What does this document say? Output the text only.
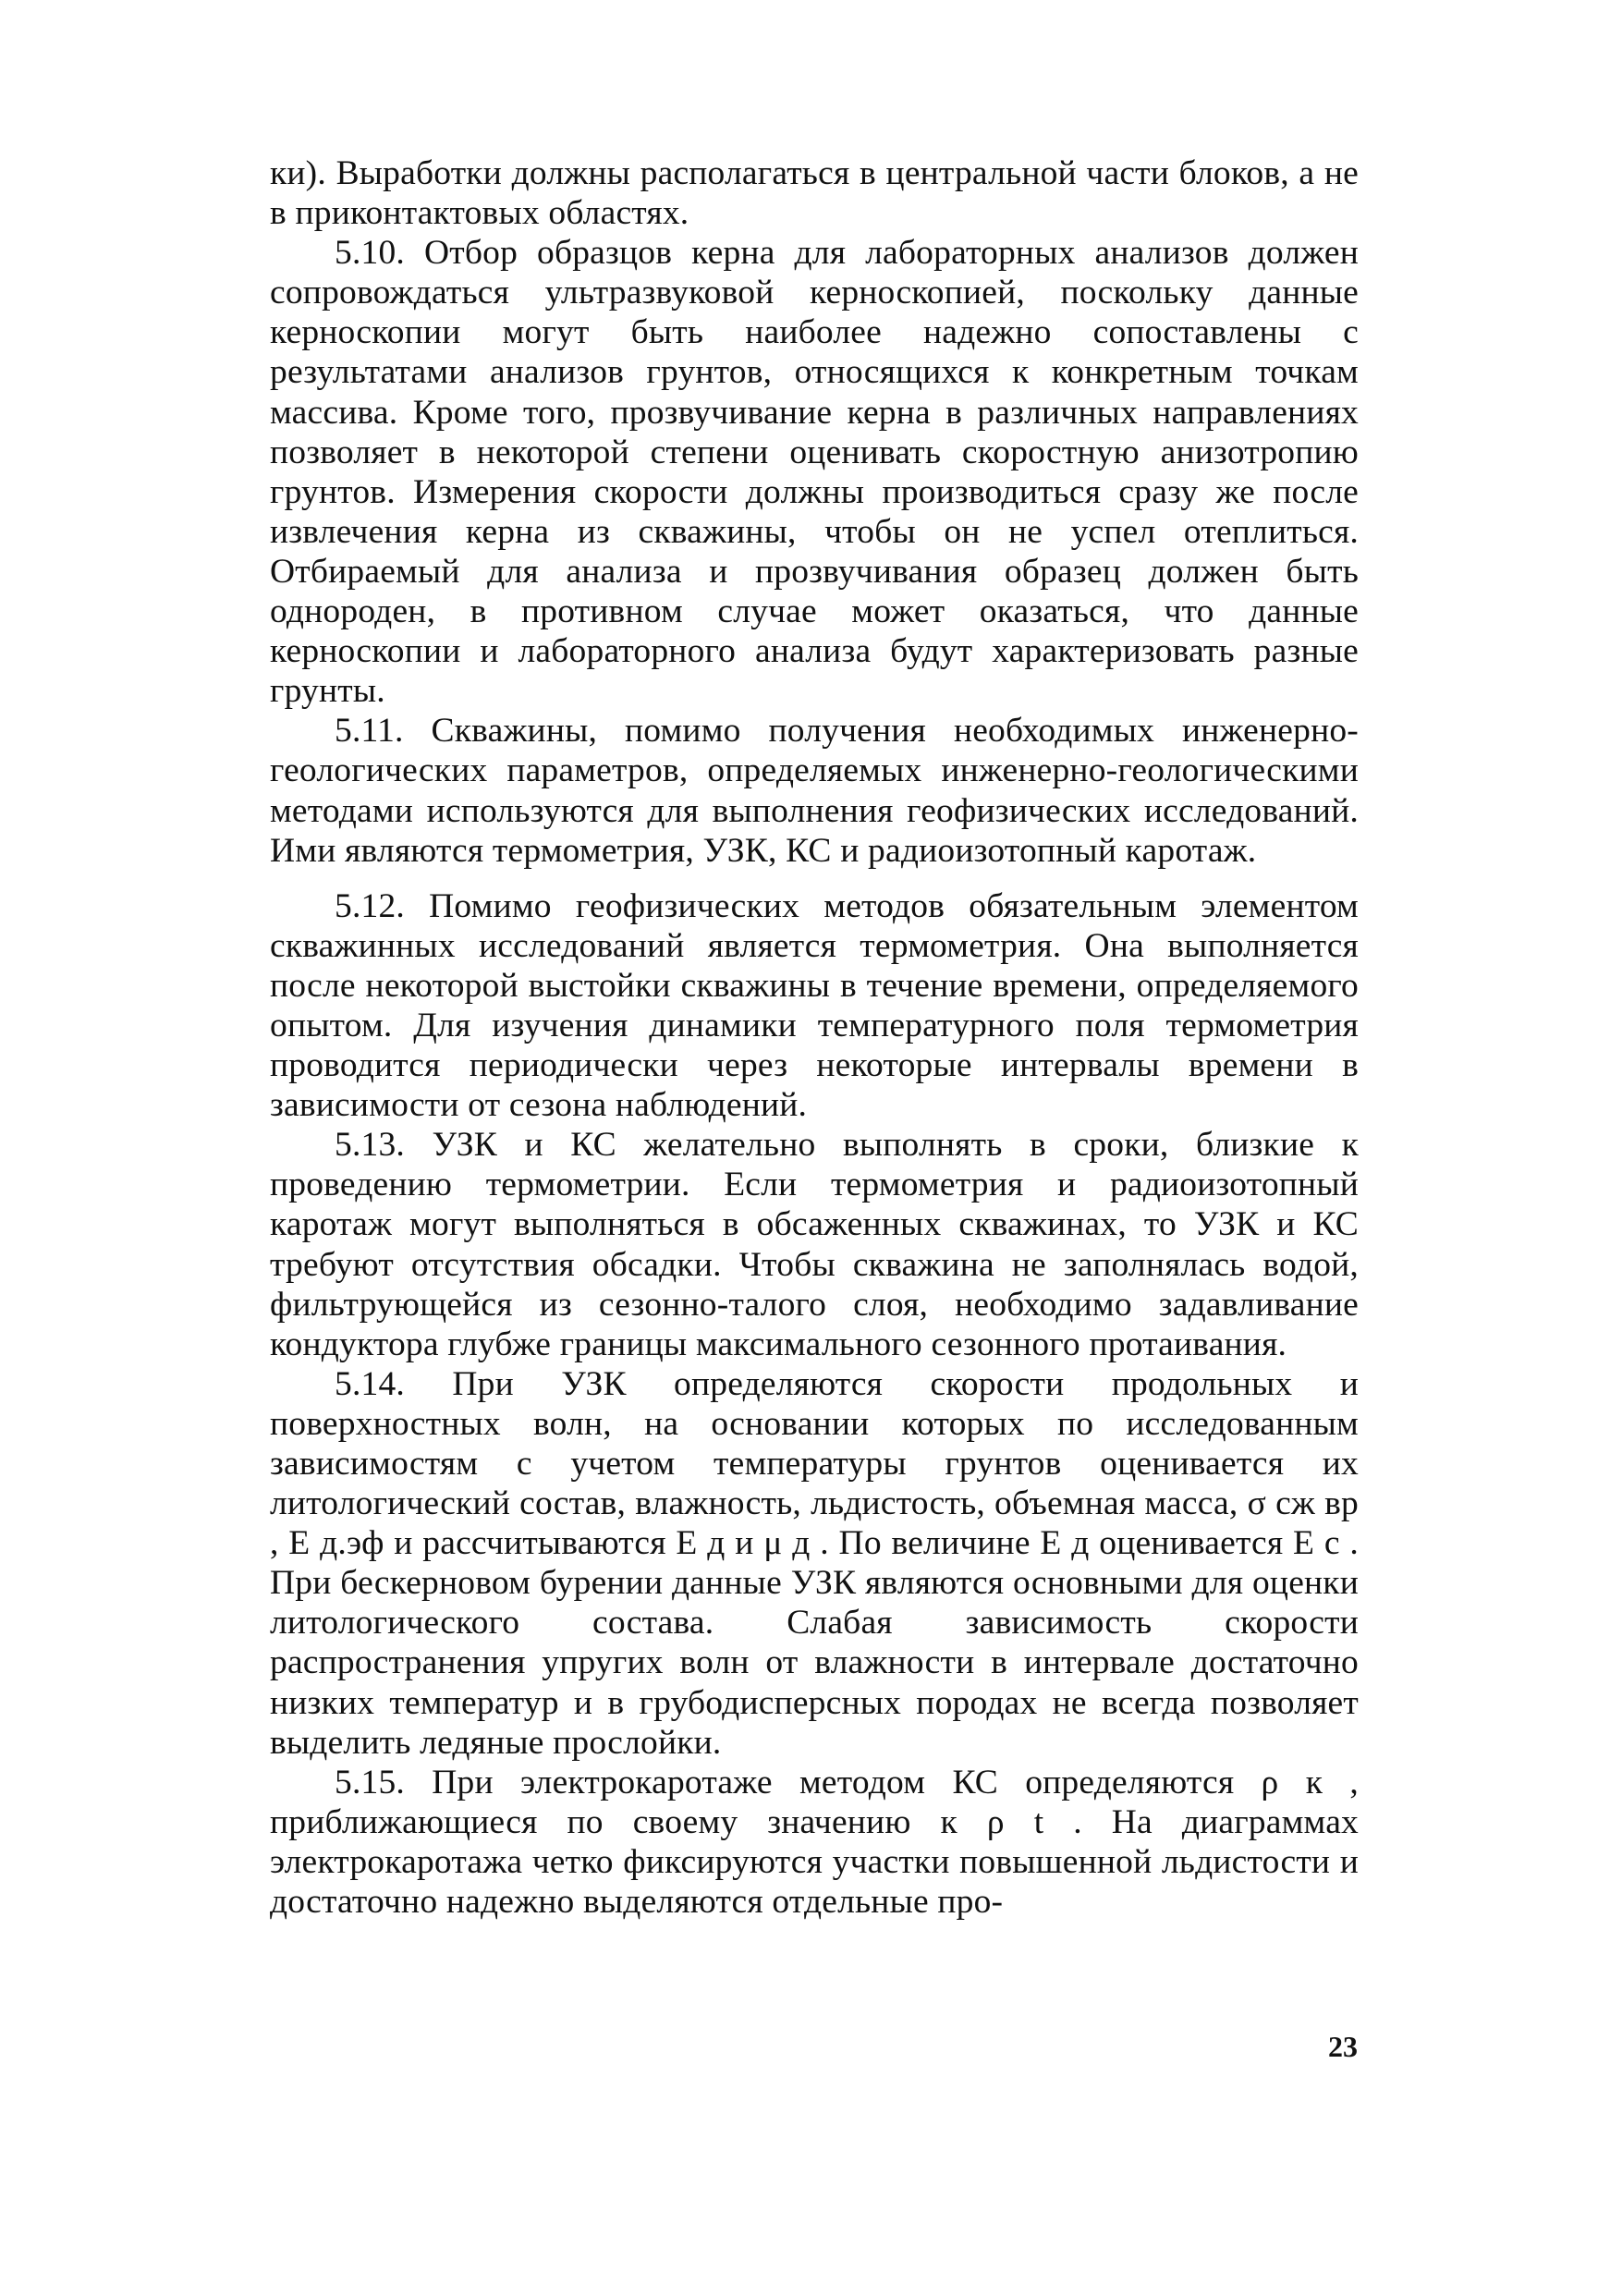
ки). Выработки должны располагаться в центральной части блоков, а не в приконтактовых областях.

5.10. Отбор образцов керна для лабораторных анализов должен сопровождаться ультразвуковой керноскопией, поскольку данные керноскопии могут быть наиболее надежно сопоставлены с результатами анализов грунтов, относящихся к конкретным точкам массива. Кроме того, прозвучивание керна в различных направлениях позволяет в некоторой степени оценивать скоростную анизотропию грунтов. Измерения скорости должны производиться сразу же после извлечения керна из скважины, чтобы он не успел отеплиться. Отбираемый для анализа и прозвучивания образец должен быть однороден, в противном случае может оказаться, что данные керноскопии и лабораторного анализа будут характеризовать разные грунты.

5.11. Скважины, помимо получения необходимых инженерно-геологических параметров, определяемых инженерно-геологическими методами используются для выполнения геофизических исследований. Ими являются термометрия, УЗК, КС и радиоизотопный каротаж.

5.12. Помимо геофизических методов обязательным элементом скважинных исследований является термометрия. Она выполняется после некоторой выстойки скважины в течение времени, определяемого опытом. Для изучения динамики температурного поля термометрия проводится периодически через некоторые интервалы времени в зависимости от сезона наблюдений.

5.13. УЗК и КС желательно выполнять в сроки, близкие к проведению термометрии. Если термометрия и радиоизотопный каротаж могут выполняться в обсаженных скважинах, то УЗК и КС требуют отсутствия обсадки. Чтобы скважина не заполнялась водой, фильтрующейся из сезонно-талого слоя, необходимо задавливание кондуктора глубже границы максимального сезонного протаивания.

5.14. При УЗК определяются скорости продольных и поверхностных волн, на основании которых по исследованным зависимостям с учетом температуры грунтов оценивается их литологический состав, влажность, льдистость, объемная масса, σ сж вр , E д.эф и рассчитываются E д и μ д . По величине E д оценивается E с . При бескерновом бурении данные УЗК являются основными для оценки литологического состава. Слабая зависимость скорости распространения упругих волн от влажности в интервале достаточно низких температур и в грубодисперсных породах не всегда позволяет выделить ледяные прослойки.

5.15. При электрокаротаже методом КС определяются ρ к , приближающиеся по своему значению к ρ t . На диаграммах электрокаротажа четко фиксируются участки повышенной льдистости и достаточно надежно выделяются отдельные про-

23
